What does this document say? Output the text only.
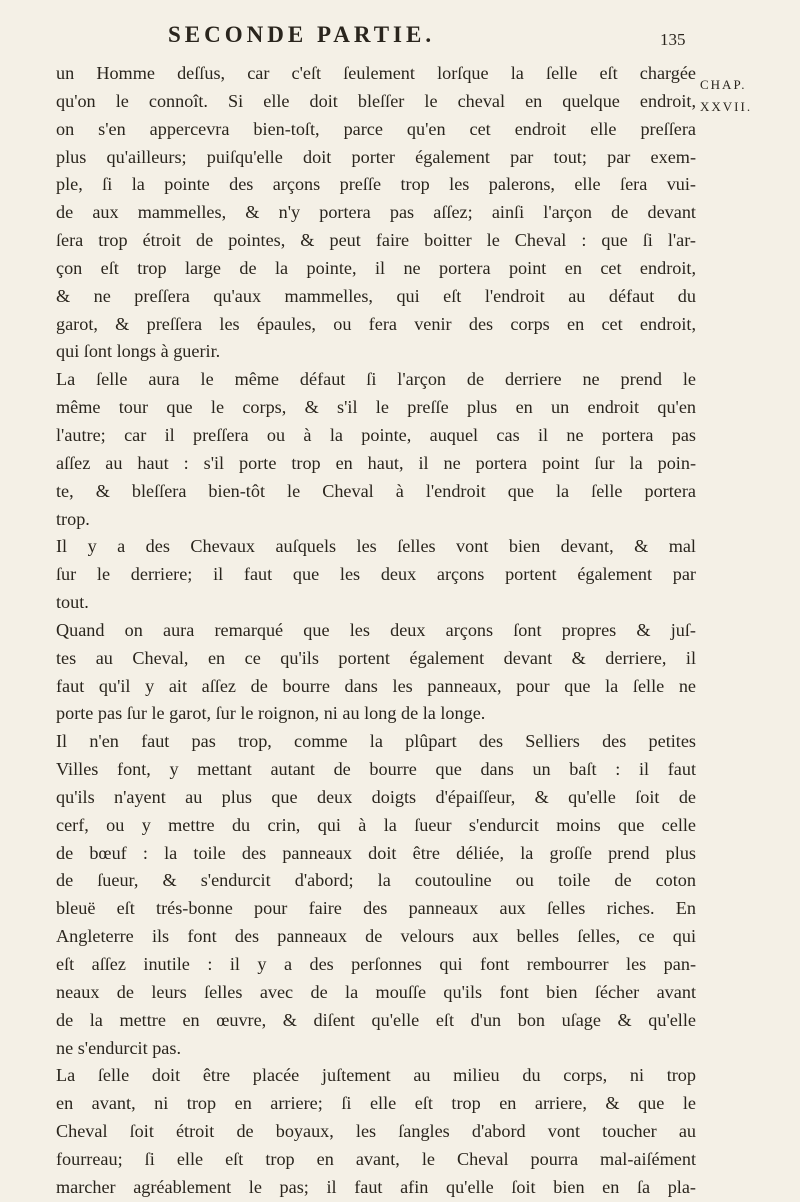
SECONDE PARTIE.	135
CHAP.
XXVII.
un Homme deſſus, car c'eſt ſeulement lorſque la ſelle eſt chargée
qu'on le connoît. Si elle doit bleſſer le cheval en quelque endroit,
on s'en appercevra bien-toſt, parce qu'en cet endroit elle preſſera
plus qu'ailleurs; puiſqu'elle doit porter également par tout; par exem-
ple, ſi la pointe des arçons preſſe trop les palerons, elle ſera vui-
de aux mammelles, & n'y portera pas aſſez; ainſi l'arçon de devant
ſera trop étroit de pointes, & peut faire boitter le Cheval : que ſi l'ar-
çon eſt trop large de la pointe, il ne portera point en cet endroit,
& ne preſſera qu'aux mammelles, qui eſt l'endroit au défaut du
garot, & preſſera les épaules, ou fera venir des corps en cet endroit,
qui ſont longs à guerir.
La ſelle aura le même défaut ſi l'arçon de derriere ne prend le
même tour que le corps, & s'il le preſſe plus en un endroit qu'en
l'autre; car il preſſera ou à la pointe, auquel cas il ne portera pas
aſſez au haut : s'il porte trop en haut, il ne portera point ſur la poin-
te, & bleſſera bien-tôt le Cheval à l'endroit que la ſelle portera
trop.
Il y a des Chevaux auſquels les ſelles vont bien devant, & mal
ſur le derriere; il faut que les deux arçons portent également par
tout.
Quand on aura remarqué que les deux arçons ſont propres & juſ-
tes au Cheval, en ce qu'ils portent également devant & derriere, il
faut qu'il y ait aſſez de bourre dans les panneaux, pour que la ſelle ne
porte pas ſur le garot, ſur le roignon, ni au long de la longe.
Il n'en faut pas trop, comme la plûpart des Selliers des petites
Villes font, y mettant autant de bourre que dans un baſt : il faut
qu'ils n'ayent au plus que deux doigts d'épaiſſeur, & qu'elle ſoit de
cerf, ou y mettre du crin, qui à la ſueur s'endurcit moins que celle
de bœuf : la toile des panneaux doit être déliée, la groſſe prend plus
de ſueur, & s'endurcit d'abord; la coutouline ou toile de coton
bleuë eſt trés-bonne pour faire des panneaux aux ſelles riches. En
Angleterre ils font des panneaux de velours aux belles ſelles, ce qui
eſt aſſez inutile : il y a des perſonnes qui font rembourrer les pan-
neaux de leurs ſelles avec de la mouſſe qu'ils font bien ſécher avant
de la mettre en œuvre, & diſent qu'elle eſt d'un bon uſage & qu'elle
ne s'endurcit pas.
La ſelle doit être placée juſtement au milieu du corps, ni trop
en avant, ni trop en arriere; ſi elle eſt trop en arriere, & que le
Cheval ſoit étroit de boyaux, les ſangles d'abord vont toucher au
fourreau; ſi elle eſt trop en avant, le Cheval pourra mal-aiſément
marcher agréablement le pas; il faut afin qu'elle ſoit bien en ſa pla-
